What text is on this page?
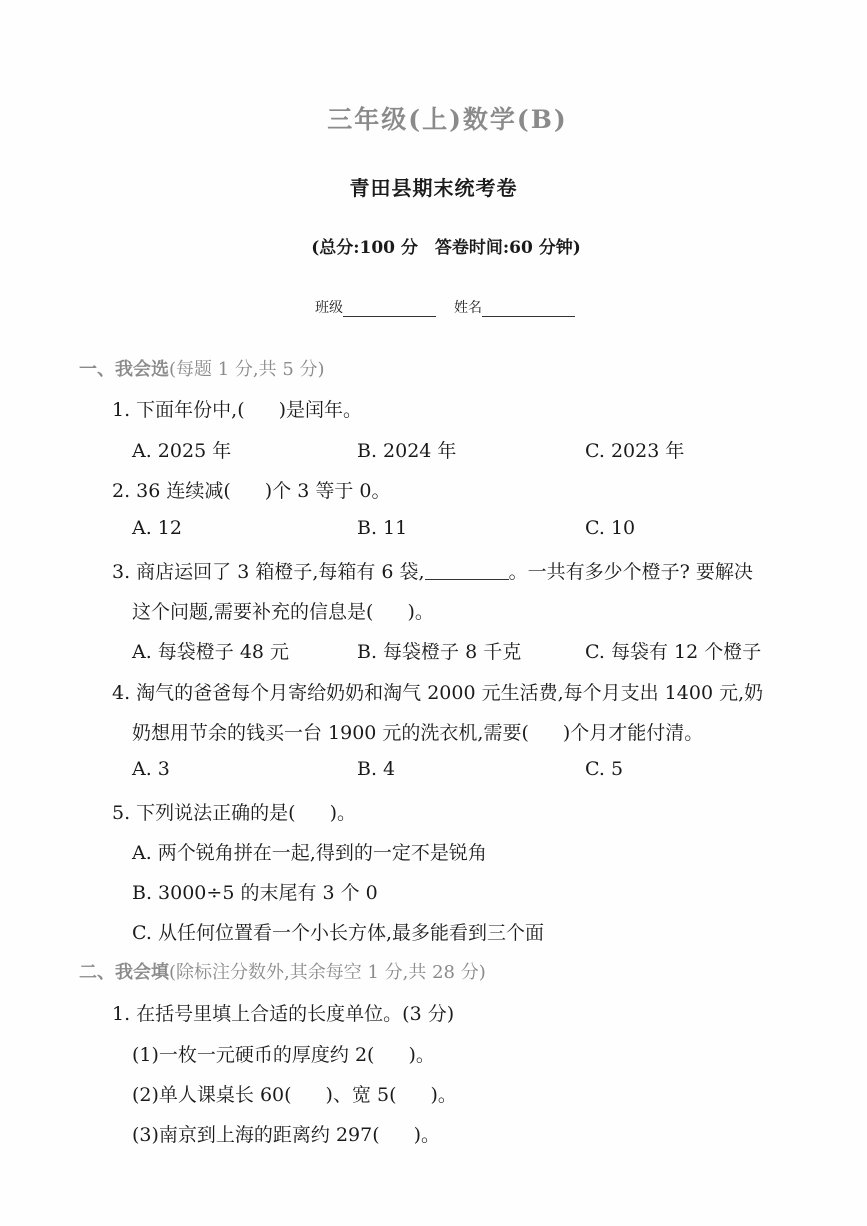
三年级(上)数学(B)
青田县期末统考卷
(总分:100 分　答卷时间:60 分钟)
班级	姓名
一、我会选(每题 1 分,共 5 分)
1. 下面年份中,( )是闰年。
A. 2025 年	B. 2024 年	C. 2023 年
2. 36 连续减( )个 3 等于 0。
A. 12	B. 11	C. 10
3. 商店运回了 3 箱橙子,每箱有 6 袋,	。一共有多少个橙子? 要解决
这个问题,需要补充的信息是( )。
A. 每袋橙子 48 元	B. 每袋橙子 8 千克	C. 每袋有 12 个橙子
4. 淘气的爸爸每个月寄给奶奶和淘气 2000 元生活费,每个月支出 1400 元,奶
奶想用节余的钱买一台 1900 元的洗衣机,需要( )个月才能付清。
A. 3	B. 4	C. 5
5. 下列说法正确的是( )。
A. 两个锐角拼在一起,得到的一定不是锐角
B. 3000÷5 的末尾有 3 个 0
C. 从任何位置看一个小长方体,最多能看到三个面
二、我会填(除标注分数外,其余每空 1 分,共 28 分)
1. 在括号里填上合适的长度单位。(3 分)
(1)一枚一元硬币的厚度约 2( )。
(2)单人课桌长 60( )、宽 5( )。
(3)南京到上海的距离约 297( )。
